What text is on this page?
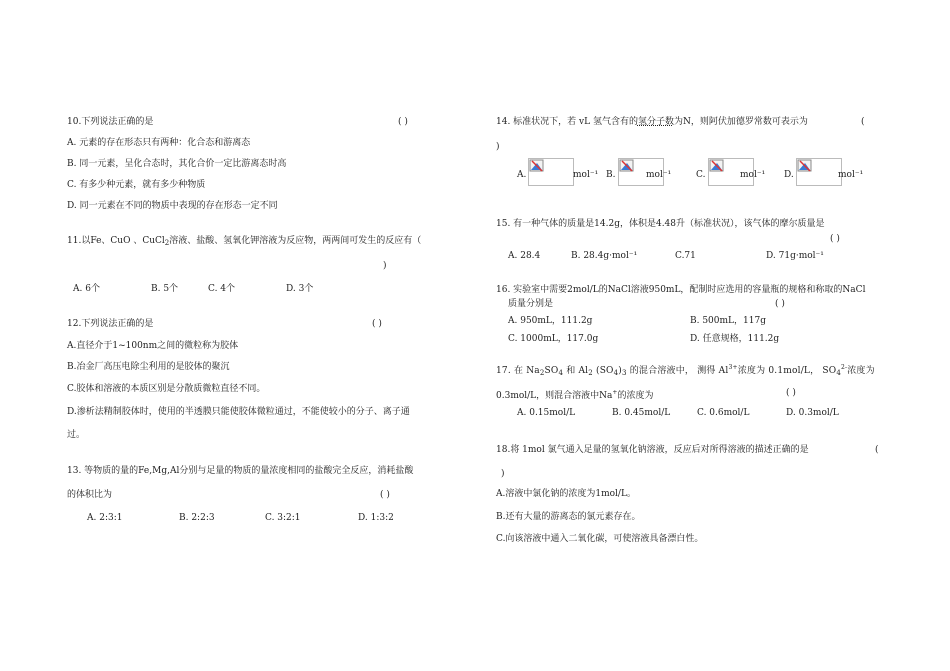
10.下列说法正确的是	( )
A. 元素的存在形态只有两种：化合态和游离态
B. 同一元素，呈化合态时，其化合价一定比游离态时高
C. 有多少种元素，就有多少种物质
D. 同一元素在不同的物质中表现的存在形态一定不同
11.以Fe、CuO 、CuCl$_2$溶液、盐酸、氢氧化钾溶液为反应物，两两间可发生的反应有（
)
A. 6个	B. 5个	C. 4个	D. 3个
12.下列说法正确的是	( )
A.直径介于1~100nm之间的微粒称为胶体
B.冶金厂高压电除尘利用的是胶体的聚沉
C.胶体和溶液的本质区别是分散质微粒直径不同。
D.渗析法精制胶体时，使用的半透膜只能使胶体微粒通过，不能使较小的分子、离子通
过。
13. 等物质的量的Fe,Mg,Al分别与足量的物质的量浓度相同的盐酸完全反应，消耗盐酸
的体积比为	( )
A. 2:3:1	B. 2:2:3	C. 3:2:1	D. 1:3:2
14. 标准状况下，若 vL 氢气含有的氢分子数为N，则阿伏加德罗常数可表示为	(
)
A.	mol⁻¹ B.	mol⁻¹	C.	mol⁻¹ D.	mol⁻¹
15. 有一种气体的质量是14.2g，体积是4.48升（标准状况），该气体的摩尔质量是
( )
A. 28.4	B. 28.4g·mol⁻¹	C.71	D. 71g·mol⁻¹
16. 实验室中需要2mol/L的NaCl溶液950mL，配制时应选用的容量瓶的规格和称取的NaCl
质量分别是	( )
A. 950mL，111.2g	B. 500mL，117g
C. 1000mL，117.0g	D. 任意规格，111.2g
17. 在 $Na_2SO_4$ 和 $Al_2$ $(SO_4)_3$ 的混合溶液中， 测得 $Al^{3+}$浓度为 0.1mol/L， $SO_4^{2-}$浓度为
0.3mol/L，则混合溶液中Na+的浓度为	( )
A. 0.15mol/L	B. 0.45mol/L	C. 0.6mol/L	D. 0.3mol/L
18.将 1mol 氯气通入足量的氢氧化钠溶液，反应后对所得溶液的描述正确的是	(
)
A.溶液中氯化钠的浓度为1mol/L。
B.还有大量的游离态的氯元素存在。
C.向该溶液中通入二氧化碳，可使溶液具备漂白性。
